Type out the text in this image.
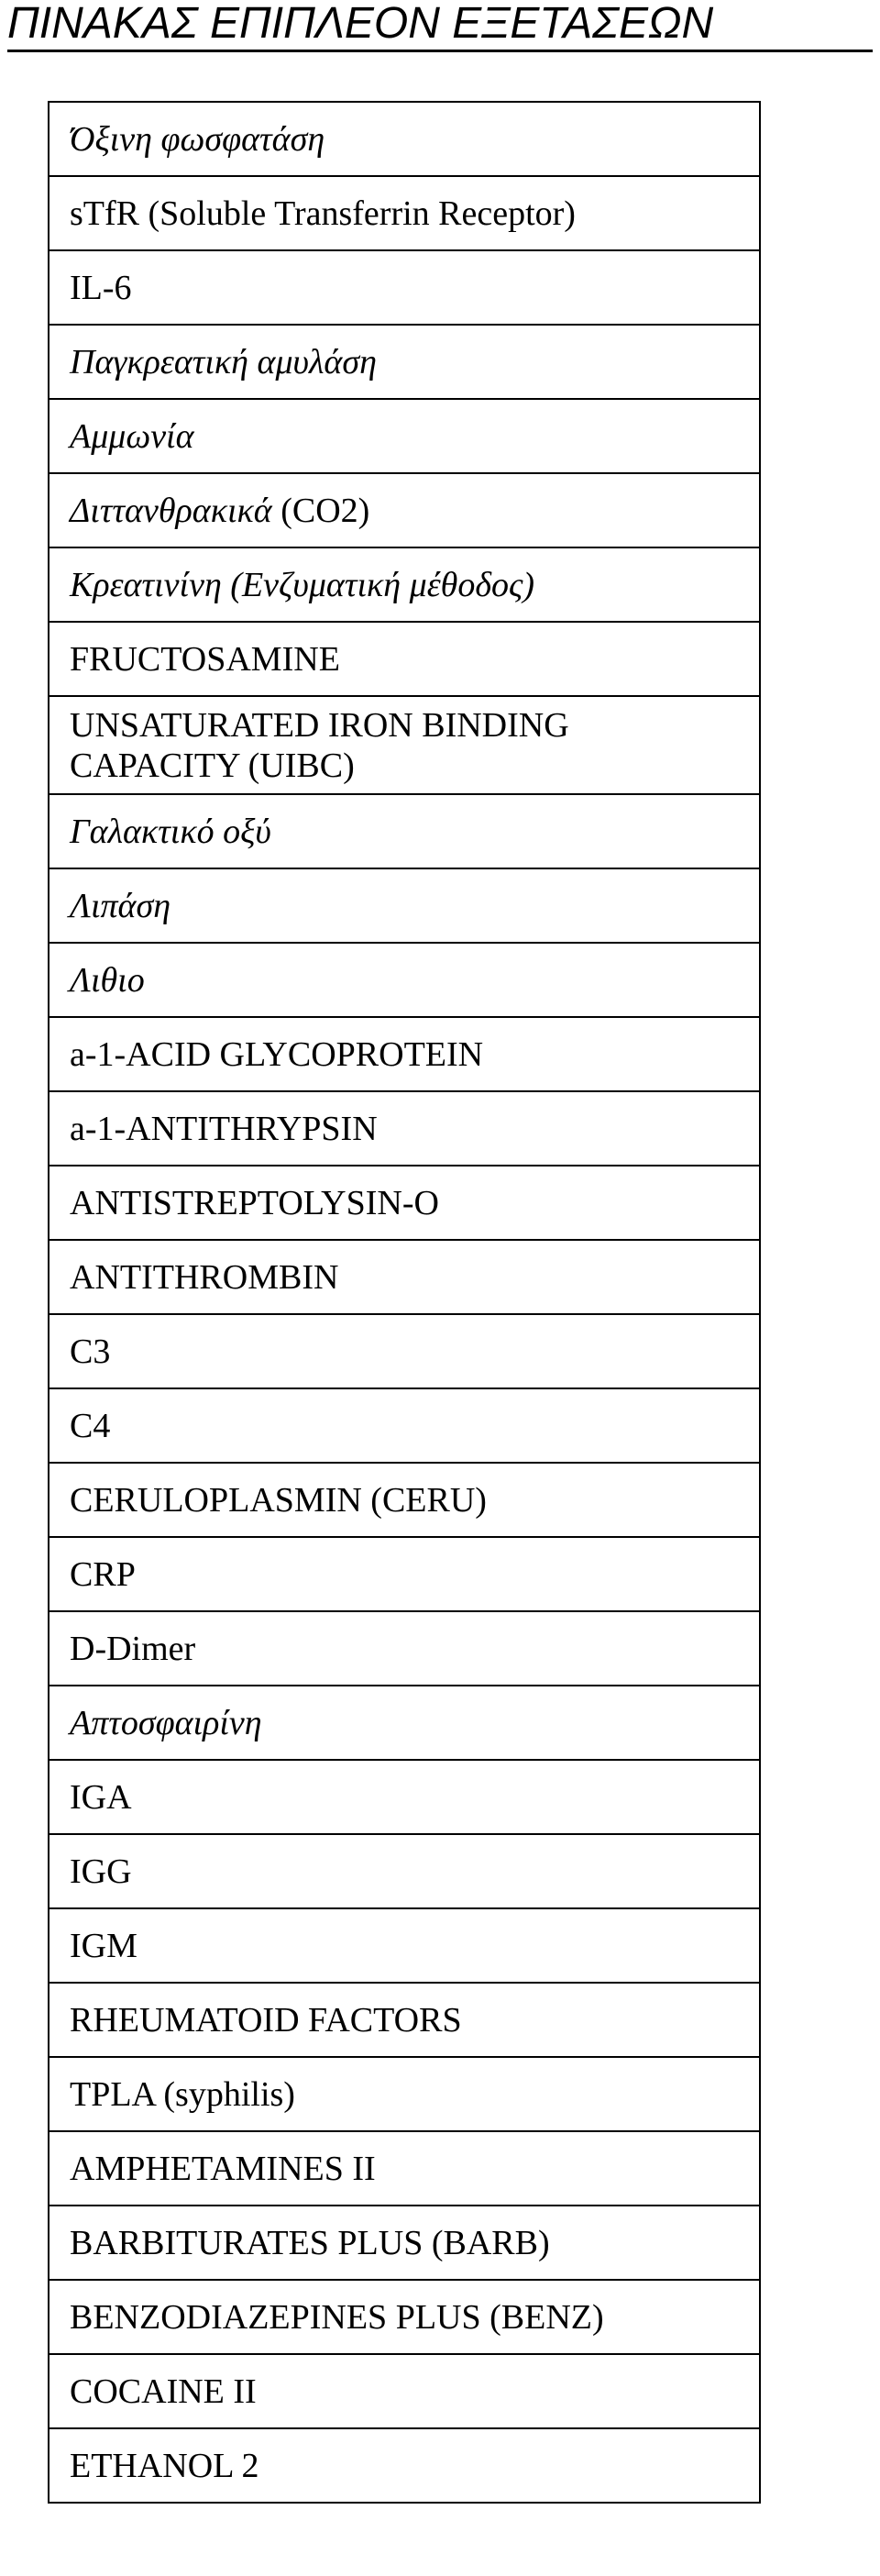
ΠΙΝΑΚΑΣ ΕΠΙΠΛΕΟΝ ΕΞΕΤΑΣΕΩΝ
Όξινη φωσφατάση
sTfR (Soluble Transferrin Receptor)
IL-6
Παγκρεατική αμυλάση
Αμμωνία
Διττανθρακικά (CO2)
Κρεατινίνη (Ενζυματική μέθοδος)
FRUCTOSAMINE

UNSATURATED IRON BINDING
CAPACITY (UIBC)

Γαλακτικό οξύ
Λιπάση
Λιθιο
a-1-ACID GLYCOPROTEIN
a-1-ANTITHRYPSIN
ANTISTREPTOLYSIN-O
ANTITHROMBIN
C3
C4
CERULOPLASMIN (CERU)
CRP
D-Dimer
Απτοσφαιρίνη
IGA
IGG
IGM
RHEUMATOID FACTORS
TPLA (syphilis)
AMPHETAMINES II
BARBITURATES PLUS (BARB)
BENZODIAZEPINES PLUS (BENZ)
COCAINE II
ETHANOL 2
